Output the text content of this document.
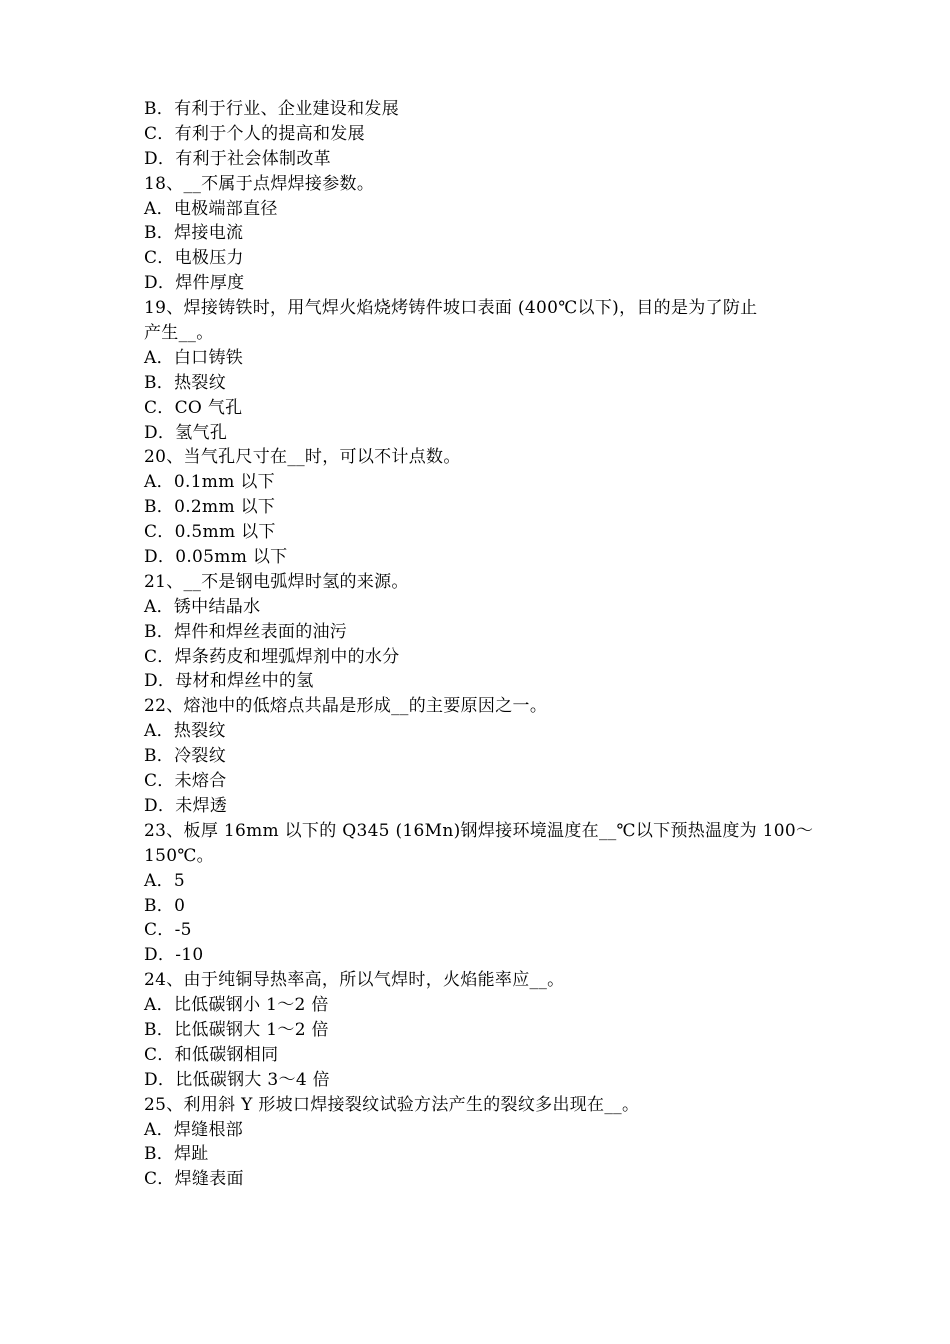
B．有利于行业、企业建设和发展
C．有利于个人的提高和发展
D．有利于社会体制改革
18、__不属于点焊焊接参数。
A．电极端部直径
B．焊接电流
C．电极压力
D．焊件厚度
19、焊接铸铁时，用气焊火焰烧烤铸件坡口表面 (400℃以下)，目的是为了防止
产生__。
A．白口铸铁
B．热裂纹
C．CO 气孔
D．氢气孔
20、当气孔尺寸在__时，可以不计点数。
A．0.1mm 以下
B．0.2mm 以下
C．0.5mm 以下
D．0.05mm 以下
21、__不是钢电弧焊时氢的来源。
A．锈中结晶水
B．焊件和焊丝表面的油污
C．焊条药皮和埋弧焊剂中的水分
D．母材和焊丝中的氢
22、熔池中的低熔点共晶是形成__的主要原因之一。
A．热裂纹
B．冷裂纹
C．未熔合
D．未焊透
23、板厚 16mm 以下的 Q345 (16Mn)钢焊接环境温度在__℃以下预热温度为 100～
150℃。
A．5
B．0
C．-5
D．-10
24、由于纯铜导热率高，所以气焊时，火焰能率应__。
A．比低碳钢小 1～2 倍
B．比低碳钢大 1～2 倍
C．和低碳钢相同
D．比低碳钢大 3～4 倍
25、利用斜 Y 形坡口焊接裂纹试验方法产生的裂纹多出现在__。
A．焊缝根部
B．焊趾
C．焊缝表面
